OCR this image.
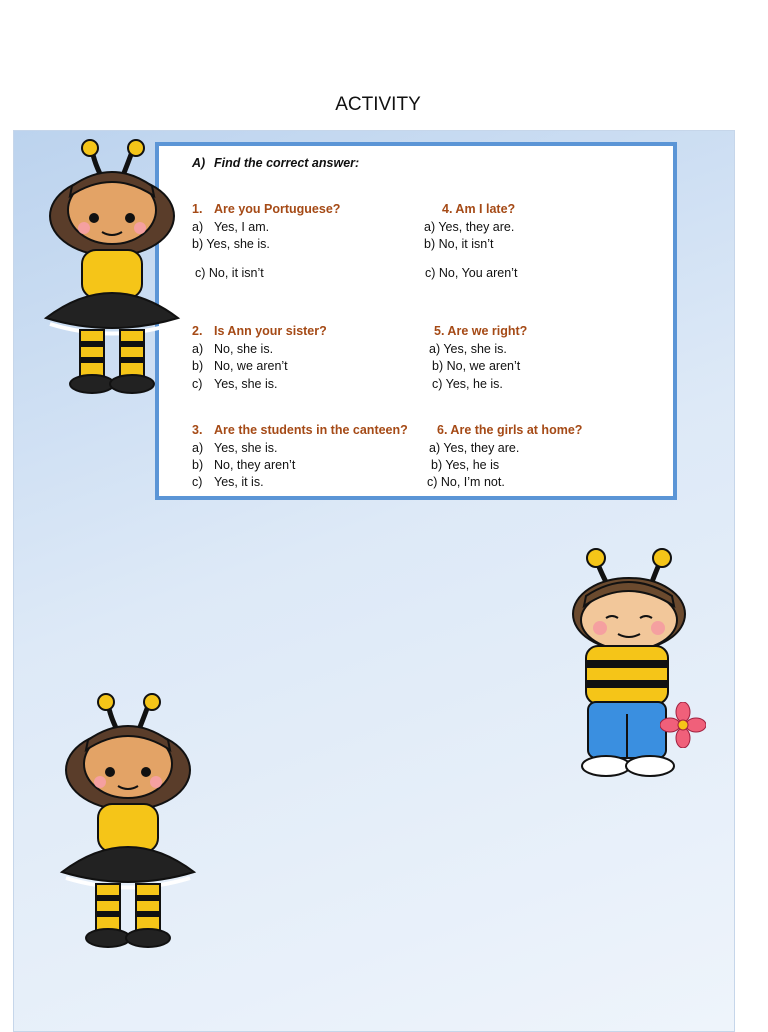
ACTIVITY
A) Find the correct answer:
1. Are you Portuguese?
a) Yes, I am.
b) Yes, she is.
c) No, it isn’t
4. Am I late?
a) Yes, they are.
b) No, it isn’t
c) No, You aren’t
2. Is Ann your sister?
a) No, she is.
b) No, we aren’t
c) Yes, she is.
5. Are we right?
a) Yes, she is.
b) No, we aren’t
c) Yes, he is.
3. Are the students in the canteen?
a) Yes, she is.
b) No, they aren’t
c) Yes, it is.
6. Are the girls at home?
a) Yes, they are.
b) Yes, he is
c) No, I’m not.
